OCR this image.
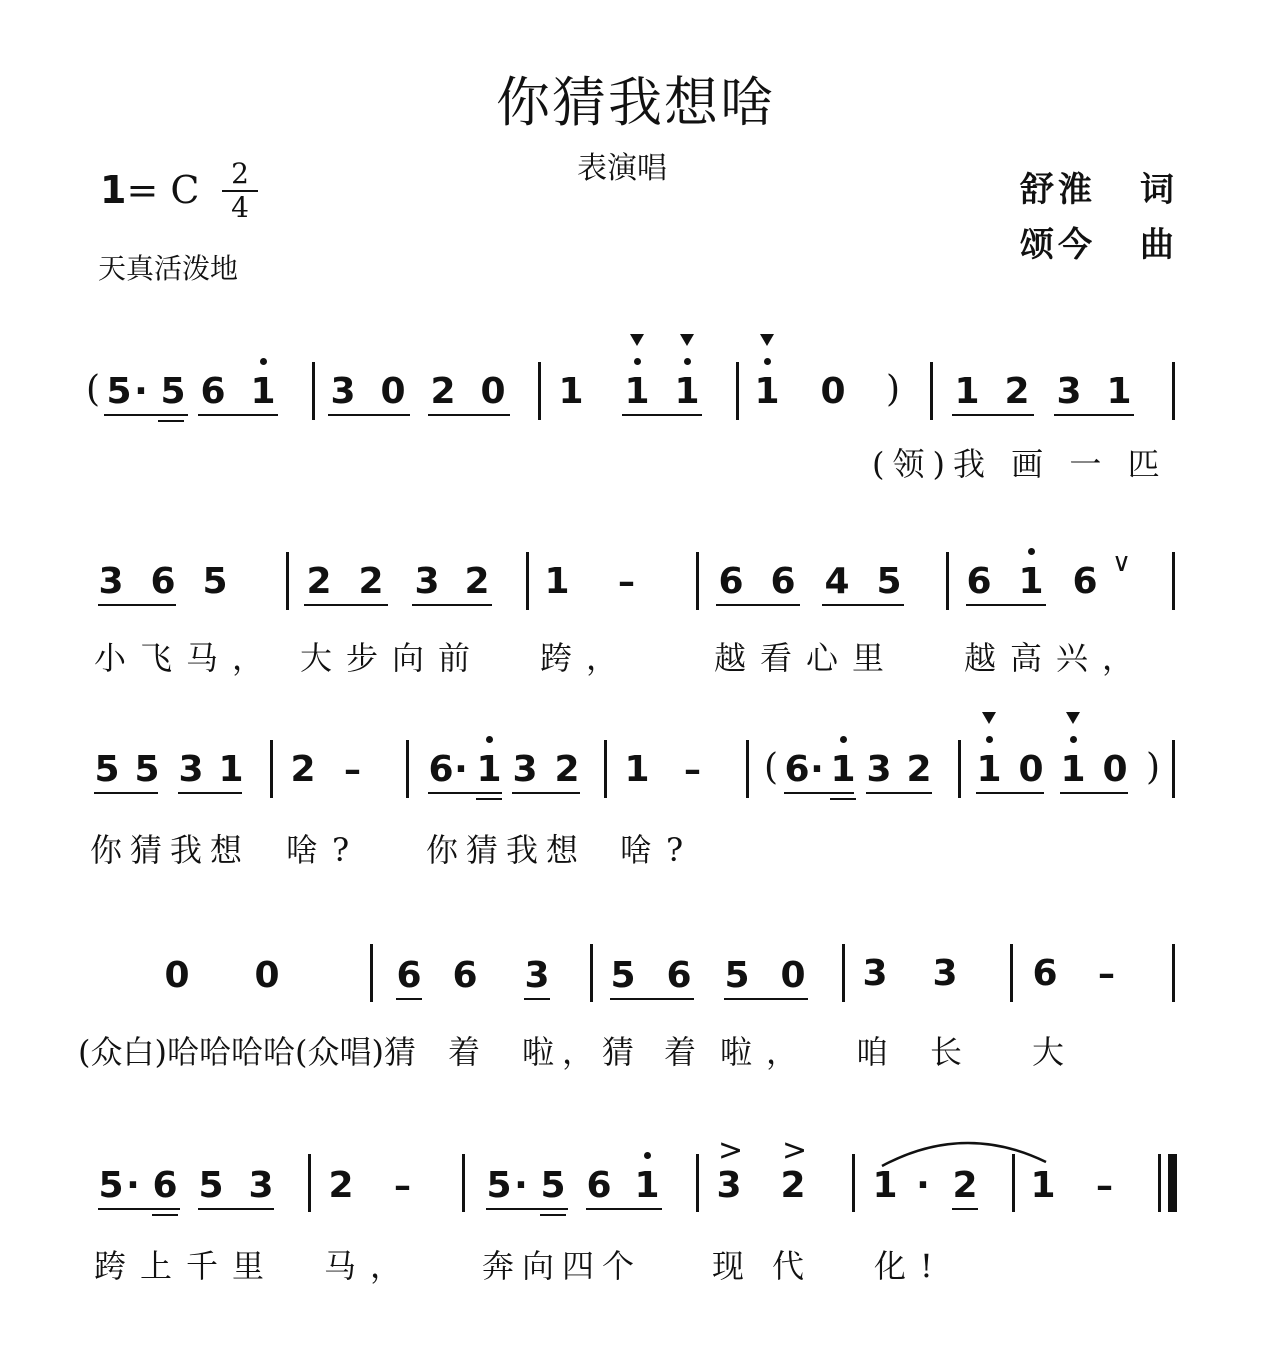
你猜我想啥
表演唱
1= C	2
4
天真活泼地
舒淮 词
颂今 曲
( 5 · 5 6 1 3 0 2 0 1 1 1 1 0 ) 1 2 3 1
(领)我 画 一 匹
3 6 5 2 2 3 2 1 – 6 6 4 5 6 1 6 ∨
小飞马， 大步向前 跨，	越看心里 越高兴，
5 5 3 1 2 – 6 · 1 3 2 1 – ( 6 · 1 3 2 1 0 1 0 )
你猜我想 啥? 你猜我想 啥?
0 0	6 6 3 5 6 5 0 3 3 6 –
(众白)哈哈哈哈(众唱)猜 着 啦，猜 着 啦， 咱 长 大
5 · 6 5 3 2 – 5 · 5 6 1
>
3
>
2 1 · 2 1 –
跨上千里 马， 奔向四个 现代 化!
